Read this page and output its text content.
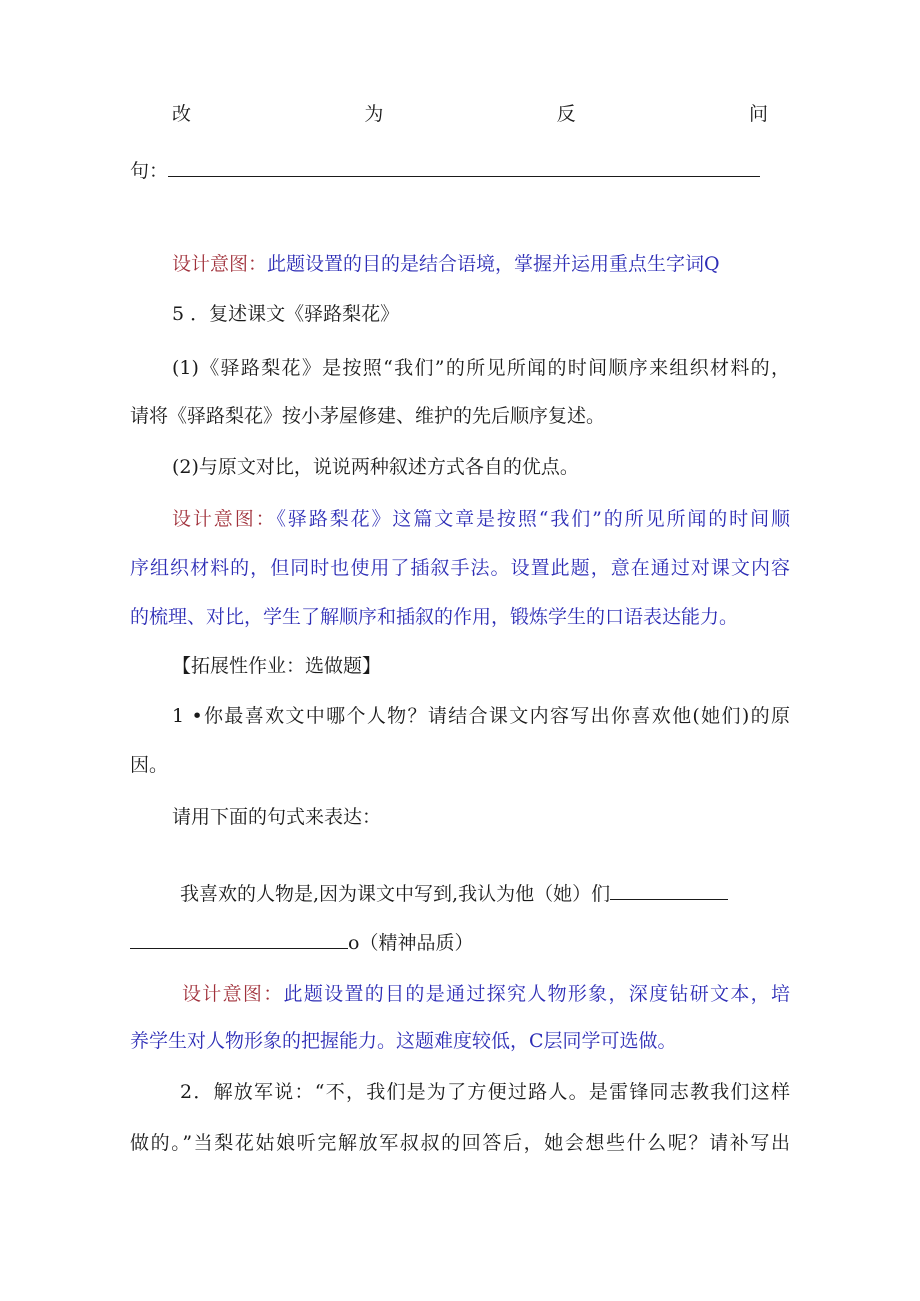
改 为 反 问
句：
设计意图：此题设置的目的是结合语境，掌握并运用重点生字词Q
5 ．复述课文《驿路梨花》
(1)《驿路梨花》是按照“我们”的所见所闻的时间顺序来组织材料的，
请将《驿路梨花》按小茅屋修建、维护的先后顺序复述。
(2)与原文对比，说说两种叙述方式各自的优点。
设计意图：《驿路梨花》这篇文章是按照“我们”的所见所闻的时间顺
序组织材料的，但同时也使用了插叙手法。设置此题，意在通过对课文内容
的梳理、对比，学生了解顺序和插叙的作用，锻炼学生的口语表达能力。
【拓展性作业：选做题】
1 •你最喜欢文中哪个人物？请结合课文内容写出你喜欢他(她们)的原
因。
请用下面的句式来表达：
我喜欢的人物是,因为课文中写到,我认为他（她）们
o（精神品质）
设计意图：此题设置的目的是通过探究人物形象，深度钻研文本，培
养学生对人物形象的把握能力。这题难度较低，C层同学可选做。
2．解放军说：“不，我们是为了方便过路人。是雷锋同志教我们这样
做的。”当梨花姑娘听完解放军叔叔的回答后，她会想些什么呢？请补写出
